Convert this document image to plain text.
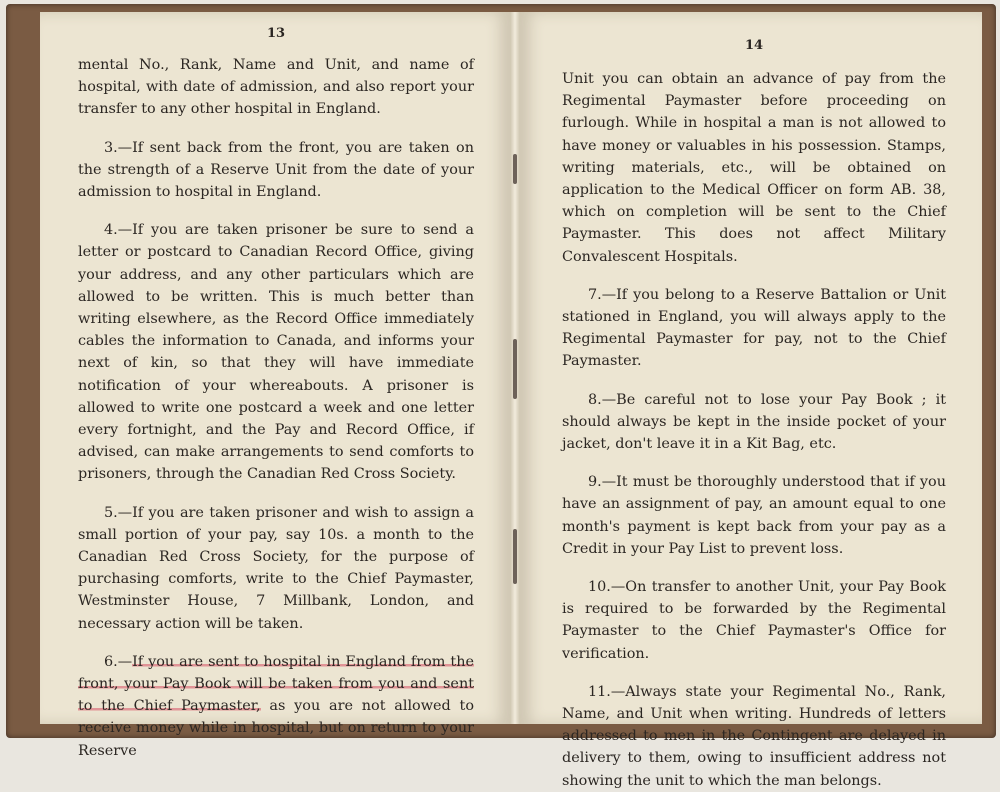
13

mental No., Rank, Name and Unit, and name of hospital, with date of admission, and also report your transfer to any other hospital in England.

3.—If sent back from the front, you are taken on the strength of a Reserve Unit from the date of your admission to hospital in England.

4.—If you are taken prisoner be sure to send a letter or postcard to Canadian Record Office, giving your address, and any other particulars which are allowed to be written. This is much better than writing elsewhere, as the Record Office immediately cables the information to Canada, and informs your next of kin, so that they will have immediate notification of your whereabouts. A prisoner is allowed to write one postcard a week and one letter every fortnight, and the Pay and Record Office, if advised, can make arrangements to send comforts to prisoners, through the Canadian Red Cross Society.

5.—If you are taken prisoner and wish to assign a small portion of your pay, say 10s. a month to the Canadian Red Cross Society, for the purpose of purchasing comforts, write to the Chief Paymaster, Westminster House, 7 Millbank, London, and necessary action will be taken.

6.—If you are sent to hospital in England from the front, your Pay Book will be taken from you and sent to the Chief Paymaster, as you are not allowed to receive money while in hospital, but on return to your Reserve

14

Unit you can obtain an advance of pay from the Regimental Paymaster before proceeding on furlough. While in hospital a man is not allowed to have money or valuables in his possession. Stamps, writing materials, etc., will be obtained on application to the Medical Officer on form AB. 38, which on completion will be sent to the Chief Paymaster. This does not affect Military Convalescent Hospitals.

7.—If you belong to a Reserve Battalion or Unit stationed in England, you will always apply to the Regimental Paymaster for pay, not to the Chief Paymaster.

8.—Be careful not to lose your Pay Book ; it should always be kept in the inside pocket of your jacket, don't leave it in a Kit Bag, etc.

9.—It must be thoroughly understood that if you have an assignment of pay, an amount equal to one month's payment is kept back from your pay as a Credit in your Pay List to prevent loss.

10.—On transfer to another Unit, your Pay Book is required to be forwarded by the Regimental Paymaster to the Chief Paymaster's Office for verification.

11.—Always state your Regimental No., Rank, Name, and Unit when writing. Hundreds of letters addressed to men in the Contingent are delayed in delivery to them, owing to insufficient address not showing the unit to which the man belongs.
